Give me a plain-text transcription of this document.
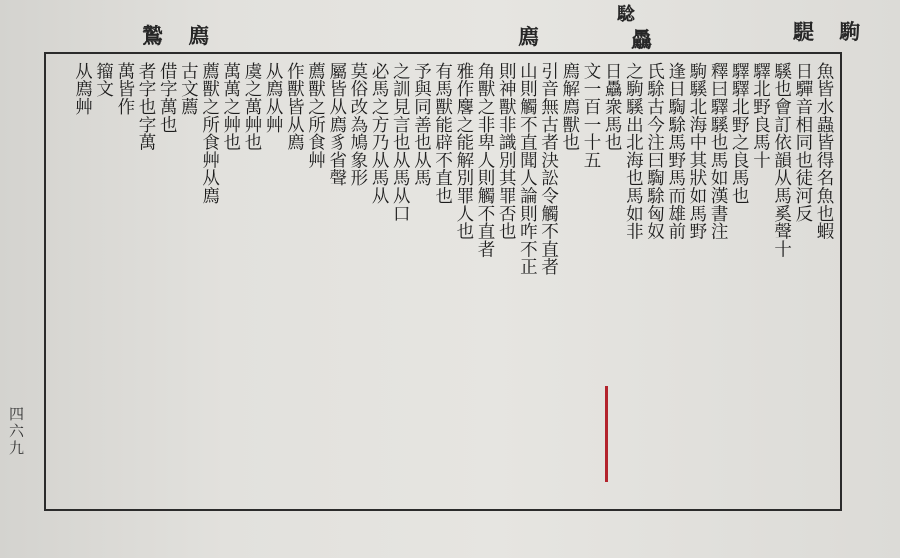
騠 駒
騐
驫
廌
鷙 廌
魚皆水蟲皆得名魚也蝦
日驒音相同也徒河反
騱也會訂依韻从馬奚聲十
驛北野良馬十
驛驛北野之良馬也
釋曰驛騱也馬如漢書注
駒騱北海中其狀如馬野
逢日騊駼馬野馬而雄前
氏駼古今注曰騊駼匈奴
之駒騱出北海也馬如非
日驫衆馬也
文一百一十五
廌解廌獸也
引音無古者決訟令觸不直者
山則觸不直聞人論則咋不正
則神獸非識別其罪否也
角獸之非卑人則觸不直者
雅作麐之能解別罪人也
有馬獸能辟不直也
予與同善也从馬
之訓見言也从馬从口
必馬之方乃从馬从
莫俗改為鳩象形
屬皆从廌豸省聲
薦獸之所食艸
作獸皆从廌
从廌从艸
虞之萬艸也
萬萬之艸也
薦獸之所食艸从廌
古文薦
借字萬也
者字也字萬
萬皆作
籀文
从廌艸
四六九
